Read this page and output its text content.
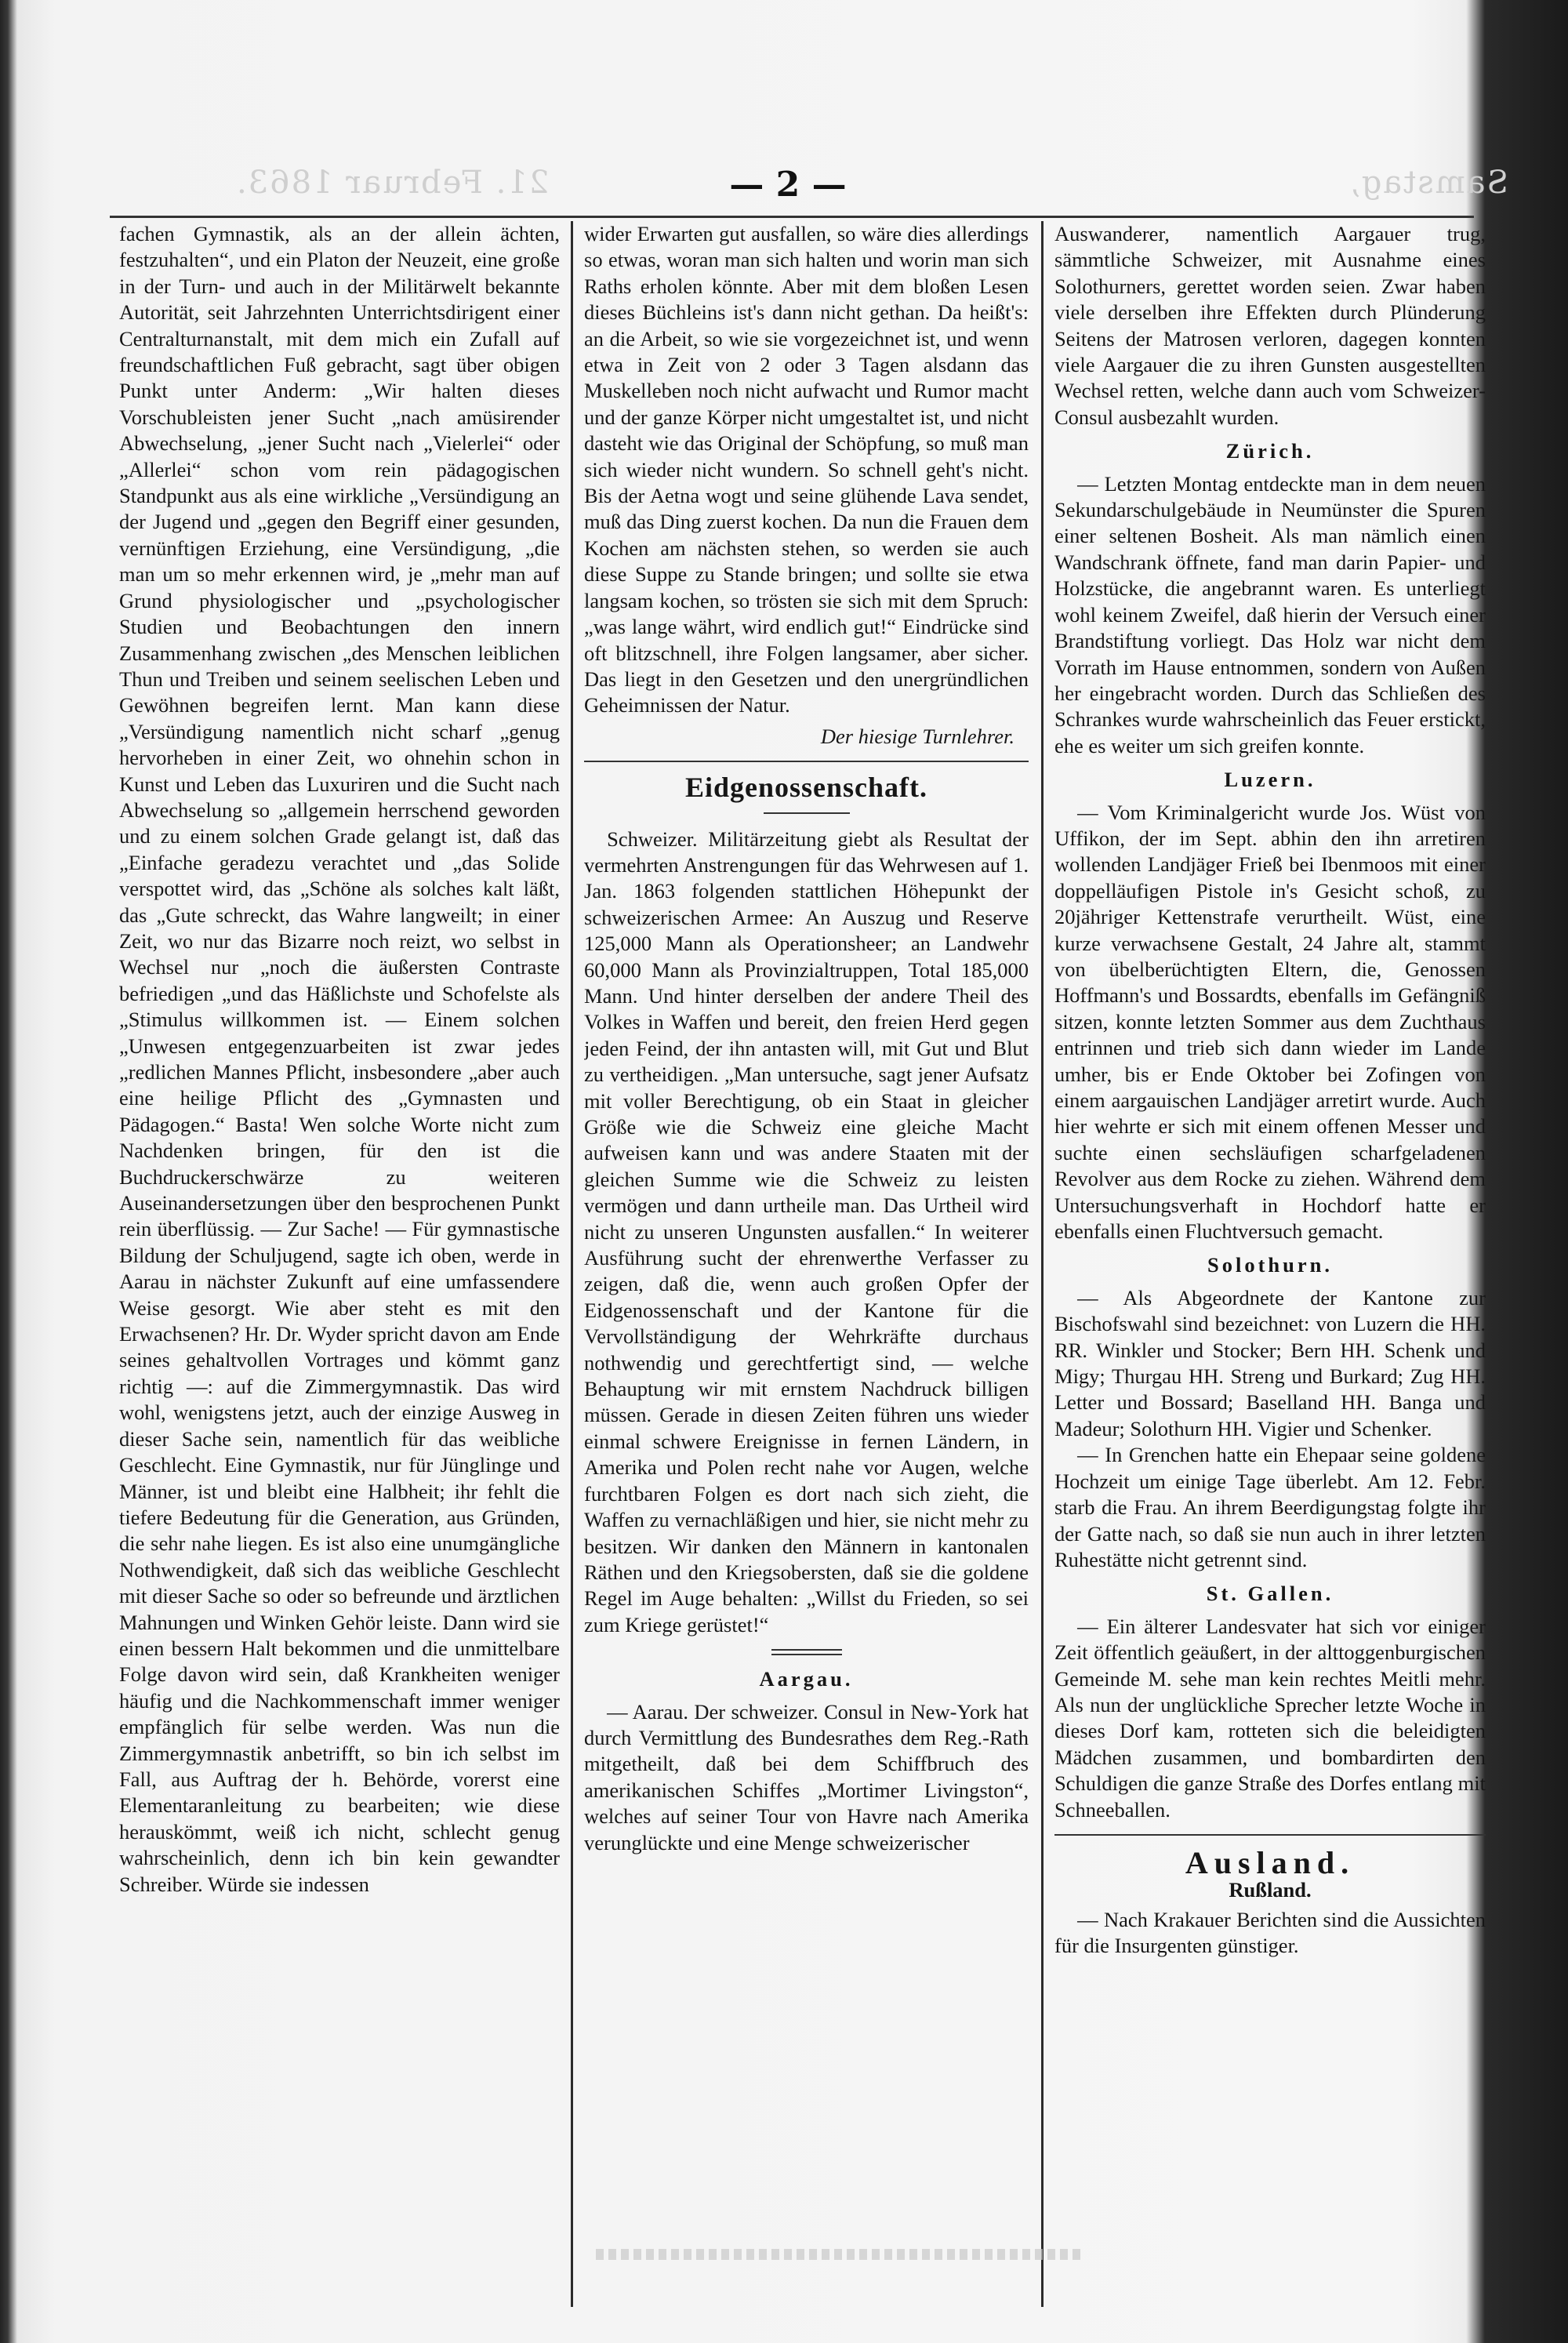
21. Februar 1863.	Samstag,
— 2 —

fachen Gymnastik, als an der allein ächten, festzuhalten“, und ein Platon der Neuzeit, eine große in der Turn- und auch in der Militärwelt bekannte Autorität, seit Jahrzehnten Unterrichtsdirigent einer Centralturnanstalt, mit dem mich ein Zufall auf freundschaftlichen Fuß gebracht, sagt über obigen Punkt unter Anderm: „Wir halten dieses Vorschubleisten jener Sucht „nach amüsirender Abwechselung, „jener Sucht nach „Vielerlei“ oder „Allerlei“ schon vom rein pädagogischen Standpunkt aus als eine wirkliche „Versündigung an der Jugend und „gegen den Begriff einer gesunden, vernünftigen Erziehung, eine Versündigung, „die man um so mehr erkennen wird, je „mehr man auf Grund physiologischer und „psychologischer Studien und Beobachtungen den innern Zusammenhang zwischen „des Menschen leiblichen Thun und Treiben und seinem seelischen Leben und Gewöhnen begreifen lernt. Man kann diese „Versündigung namentlich nicht scharf „genug hervorheben in einer Zeit, wo ohnehin schon in Kunst und Leben das Luxuriren und die Sucht nach Abwechselung so „allgemein herrschend geworden und zu einem solchen Grade gelangt ist, daß das „Einfache geradezu verachtet und „das Solide verspottet wird, das „Schöne als solches kalt läßt, das „Gute schreckt, das Wahre langweilt; in einer Zeit, wo nur das Bizarre noch reizt, wo selbst in Wechsel nur „noch die äußersten Contraste befriedigen „und das Häßlichste und Schofelste als „Stimulus willkommen ist. — Einem solchen „Unwesen entgegenzuarbeiten ist zwar jedes „redlichen Mannes Pflicht, insbesondere „aber auch eine heilige Pflicht des „Gymnasten und Pädagogen.“ Basta! Wen solche Worte nicht zum Nachdenken bringen, für den ist die Buchdruckerschwärze zu weiteren Auseinandersetzungen über den besprochenen Punkt rein überflüssig. — Zur Sache! — Für gymnastische Bildung der Schuljugend, sagte ich oben, werde in Aarau in nächster Zukunft auf eine umfassendere Weise gesorgt. Wie aber steht es mit den Erwachsenen? Hr. Dr. Wyder spricht davon am Ende seines gehaltvollen Vortrages und kömmt ganz richtig —: auf die Zimmergymnastik. Das wird wohl, wenigstens jetzt, auch der einzige Ausweg in dieser Sache sein, namentlich für das weibliche Geschlecht. Eine Gymnastik, nur für Jünglinge und Männer, ist und bleibt eine Halbheit; ihr fehlt die tiefere Bedeutung für die Generation, aus Gründen, die sehr nahe liegen. Es ist also eine unumgängliche Nothwendigkeit, daß sich das weibliche Geschlecht mit dieser Sache so oder so befreunde und ärztlichen Mahnungen und Winken Gehör leiste. Dann wird sie einen bessern Halt bekommen und die unmittelbare Folge davon wird sein, daß Krankheiten weniger häufig und die Nachkommenschaft immer weniger empfänglich für selbe werden. Was nun die Zimmergymnastik anbetrifft, so bin ich selbst im Fall, aus Auftrag der h. Behörde, vorerst eine Elementaranleitung zu bearbeiten; wie diese herauskömmt, weiß ich nicht, schlecht genug wahrscheinlich, denn ich bin kein gewandter Schreiber. Würde sie indessen

wider Erwarten gut ausfallen, so wäre dies allerdings so etwas, woran man sich halten und worin man sich Raths erholen könnte. Aber mit dem bloßen Lesen dieses Büchleins ist's dann nicht gethan. Da heißt's: an die Arbeit, so wie sie vorgezeichnet ist, und wenn etwa in Zeit von 2 oder 3 Tagen alsdann das Muskelleben noch nicht aufwacht und Rumor macht und der ganze Körper nicht umgestaltet ist, und nicht dasteht wie das Original der Schöpfung, so muß man sich wieder nicht wundern. So schnell geht's nicht. Bis der Aetna wogt und seine glühende Lava sendet, muß das Ding zuerst kochen. Da nun die Frauen dem Kochen am nächsten stehen, so werden sie auch diese Suppe zu Stande bringen; und sollte sie etwa langsam kochen, so trösten sie sich mit dem Spruch: „was lange währt, wird endlich gut!“ Eindrücke sind oft blitzschnell, ihre Folgen langsamer, aber sicher. Das liegt in den Gesetzen und den unergründlichen Geheimnissen der Natur.

Der hiesige Turnlehrer.

Eidgenossenschaft.

Schweizer. Militärzeitung giebt als Resultat der vermehrten Anstrengungen für das Wehrwesen auf 1. Jan. 1863 folgenden stattlichen Höhepunkt der schweizerischen Armee: An Auszug und Reserve 125,000 Mann als Operationsheer; an Landwehr 60,000 Mann als Provinzialtruppen, Total 185,000 Mann. Und hinter derselben der andere Theil des Volkes in Waffen und bereit, den freien Herd gegen jeden Feind, der ihn antasten will, mit Gut und Blut zu vertheidigen. „Man untersuche, sagt jener Aufsatz mit voller Berechtigung, ob ein Staat in gleicher Größe wie die Schweiz eine gleiche Macht aufweisen kann und was andere Staaten mit der gleichen Summe wie die Schweiz zu leisten vermögen und dann urtheile man. Das Urtheil wird nicht zu unseren Ungunsten ausfallen.“ In weiterer Ausführung sucht der ehrenwerthe Verfasser zu zeigen, daß die, wenn auch großen Opfer der Eidgenossenschaft und der Kantone für die Vervollständigung der Wehrkräfte durchaus nothwendig und gerechtfertigt sind, — welche Behauptung wir mit ernstem Nachdruck billigen müssen. Gerade in diesen Zeiten führen uns wieder einmal schwere Ereignisse in fernen Ländern, in Amerika und Polen recht nahe vor Augen, welche furchtbaren Folgen es dort nach sich zieht, die Waffen zu vernachläßigen und hier, sie nicht mehr zu besitzen. Wir danken den Männern in kantonalen Räthen und den Kriegsobersten, daß sie die goldene Regel im Auge behalten: „Willst du Frieden, so sei zum Kriege gerüstet!“

Aargau.

— Aarau. Der schweizer. Consul in New-York hat durch Vermittlung des Bundesrathes dem Reg.-Rath mitgetheilt, daß bei dem Schiffbruch des amerikanischen Schiffes „Mortimer Livingston“, welches auf seiner Tour von Havre nach Amerika verunglückte und eine Menge schweizerischer

Auswanderer, namentlich Aargauer trug, sämmtliche Schweizer, mit Ausnahme eines Solothurners, gerettet worden seien. Zwar haben viele derselben ihre Effekten durch Plünderung Seitens der Matrosen verloren, dagegen konnten viele Aargauer die zu ihren Gunsten ausgestellten Wechsel retten, welche dann auch vom Schweizer-Consul ausbezahlt wurden.

Zürich.

— Letzten Montag entdeckte man in dem neuen Sekundarschulgebäude in Neumünster die Spuren einer seltenen Bosheit. Als man nämlich einen Wandschrank öffnete, fand man darin Papier- und Holzstücke, die angebrannt waren. Es unterliegt wohl keinem Zweifel, daß hierin der Versuch einer Brandstiftung vorliegt. Das Holz war nicht dem Vorrath im Hause entnommen, sondern von Außen her eingebracht worden. Durch das Schließen des Schrankes wurde wahrscheinlich das Feuer erstickt, ehe es weiter um sich greifen konnte.

Luzern.

— Vom Kriminalgericht wurde Jos. Wüst von Uffikon, der im Sept. abhin den ihn arretiren wollenden Landjäger Frieß bei Ibenmoos mit einer doppelläufigen Pistole in's Gesicht schoß, zu 20jähriger Kettenstrafe verurtheilt. Wüst, eine kurze verwachsene Gestalt, 24 Jahre alt, stammt von übelberüchtigten Eltern, die, Genossen Hoffmann's und Bossardts, ebenfalls im Gefängniß sitzen, konnte letzten Sommer aus dem Zuchthaus entrinnen und trieb sich dann wieder im Lande umher, bis er Ende Oktober bei Zofingen von einem aargauischen Landjäger arretirt wurde. Auch hier wehrte er sich mit einem offenen Messer und suchte einen sechsläufigen scharfgeladenen Revolver aus dem Rocke zu ziehen. Während dem Untersuchungsverhaft in Hochdorf hatte er ebenfalls einen Fluchtversuch gemacht.

Solothurn.

— Als Abgeordnete der Kantone zur Bischofswahl sind bezeichnet: von Luzern die HH. RR. Winkler und Stocker; Bern HH. Schenk und Migy; Thurgau HH. Streng und Burkard; Zug HH. Letter und Bossard; Baselland HH. Banga und Madeur; Solothurn HH. Vigier und Schenker.

— In Grenchen hatte ein Ehepaar seine goldene Hochzeit um einige Tage überlebt. Am 12. Febr. starb die Frau. An ihrem Beerdigungstag folgte ihr der Gatte nach, so daß sie nun auch in ihrer letzten Ruhestätte nicht getrennt sind.

St. Gallen.

— Ein älterer Landesvater hat sich vor einiger Zeit öffentlich geäußert, in der alttoggenburgischen Gemeinde M. sehe man kein rechtes Meitli mehr. Als nun der unglückliche Sprecher letzte Woche in dieses Dorf kam, rotteten sich die beleidigten Mädchen zusammen, und bombardirten den Schuldigen die ganze Straße des Dorfes entlang mit Schneeballen.

Ausland.
Rußland.

— Nach Krakauer Berichten sind die Aussichten für die Insurgenten günstiger.
